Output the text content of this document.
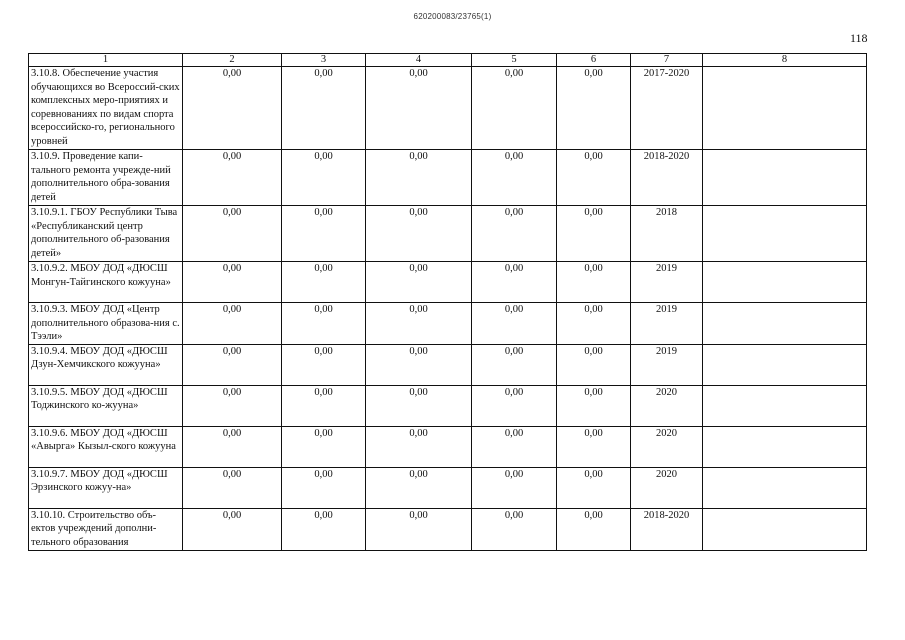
620200083/23765(1)
118
1	2	3	4	5	6	7	8
3.10.8. Обеспечение участия обучающихся во Всероссий-ских комплексных меро-приятиях и соревнованиях по видам спорта всероссийско-го, регионального уровней	0,00	0,00	0,00	0,00	0,00	2017-2020	
3.10.9. Проведение капи-тального ремонта учрежде-ний дополнительного обра-зования детей	0,00	0,00	0,00	0,00	0,00	2018-2020	
3.10.9.1. ГБОУ Республики Тыва «Республиканский центр дополнительного об-разования детей»	0,00	0,00	0,00	0,00	0,00	2018	
3.10.9.2. МБОУ ДОД «ДЮСШ Монгун-Тайгинского кожууна»	0,00	0,00	0,00	0,00	0,00	2019	
3.10.9.3. МБОУ ДОД «Центр дополнительного образова-ния с. Тээли»	0,00	0,00	0,00	0,00	0,00	2019	
3.10.9.4. МБОУ ДОД «ДЮСШ Дзун-Хемчикского кожууна»	0,00	0,00	0,00	0,00	0,00	2019	
3.10.9.5. МБОУ ДОД «ДЮСШ Тоджинского ко-жууна»	0,00	0,00	0,00	0,00	0,00	2020	
3.10.9.6. МБОУ ДОД «ДЮСШ «Авырга» Кызыл-ского кожууна	0,00	0,00	0,00	0,00	0,00	2020	
3.10.9.7. МБОУ ДОД «ДЮСШ Эрзинского кожуу-на»	0,00	0,00	0,00	0,00	0,00	2020	
3.10.10. Строительство объ-ектов учреждений дополни-тельного образования	0,00	0,00	0,00	0,00	0,00	2018-2020	
